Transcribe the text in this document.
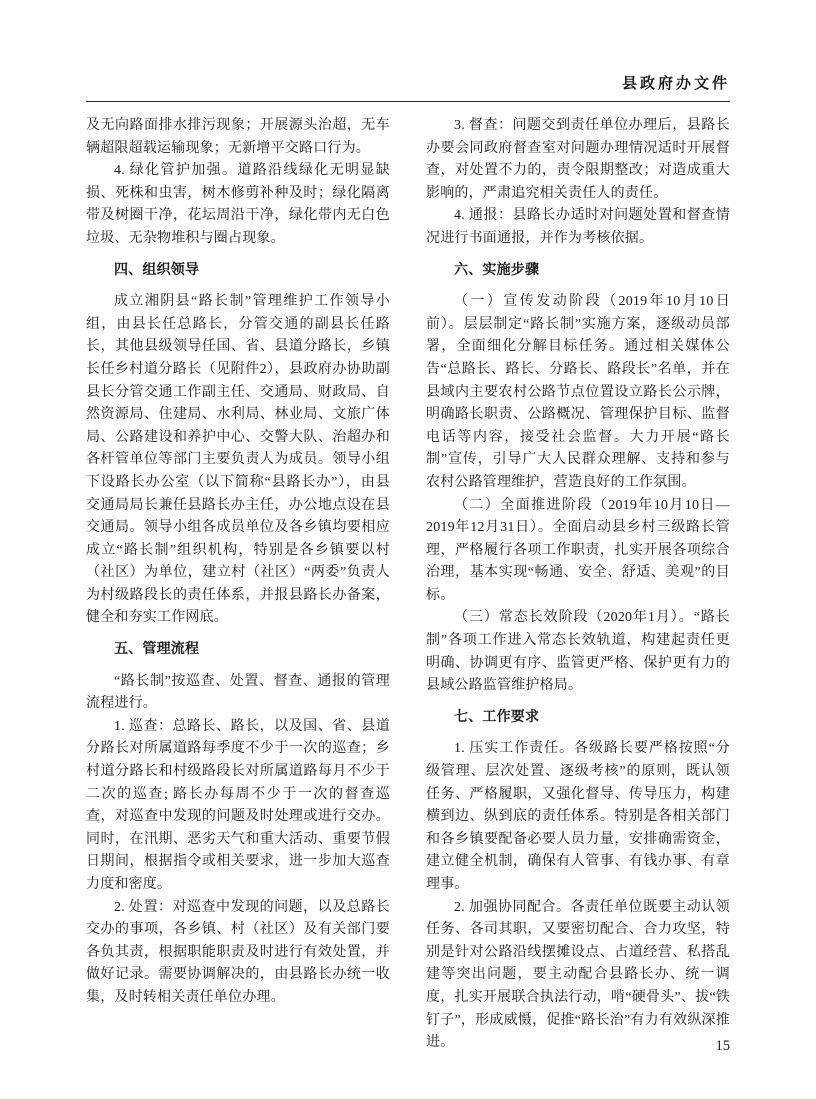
县政府办文件

及无向路面排水排污现象；开展源头治超，无车辆超限超载运输现象；无新增平交路口行为。

4. 绿化管护加强。道路沿线绿化无明显缺损、死株和虫害，树木修剪补种及时；绿化隔离带及树圈干净，花坛周沿干净，绿化带内无白色垃圾、无杂物堆积与圈占现象。

四、组织领导

成立湘阴县“路长制”管理维护工作领导小组，由县长任总路长，分管交通的副县长任路长，其他县级领导任国、省、县道分路长，乡镇长任乡村道分路长（见附件2），县政府办协助副县长分管交通工作副主任、交通局、财政局、自然资源局、住建局、水利局、林业局、文旅广体局、公路建设和养护中心、交警大队、治超办和各杆管单位等部门主要负责人为成员。领导小组下设路长办公室（以下简称“县路长办”），由县交通局局长兼任县路长办主任，办公地点设在县交通局。领导小组各成员单位及各乡镇均要相应成立“路长制”组织机构，特别是各乡镇要以村（社区）为单位，建立村（社区）“两委”负责人为村级路段长的责任体系，并报县路长办备案，健全和夯实工作网底。

五、管理流程

“路长制”按巡查、处置、督查、通报的管理流程进行。

1. 巡查：总路长、路长，以及国、省、县道分路长对所属道路每季度不少于一次的巡查；乡村道分路长和村级路段长对所属道路每月不少于二次的巡查; 路长办每周不少于一次的督查巡查，对巡查中发现的问题及时处理或进行交办。同时，在汛期、恶劣天气和重大活动、重要节假日期间，根据指令或相关要求，进一步加大巡查力度和密度。

2. 处置：对巡查中发现的问题，以及总路长交办的事项，各乡镇、村（社区）及有关部门要各负其责，根据职能职责及时进行有效处置，并做好记录。需要协调解决的，由县路长办统一收集，及时转相关责任单位办理。

3. 督查：问题交到责任单位办理后，县路长办要会同政府督查室对问题办理情况适时开展督查，对处置不力的，责令限期整改；对造成重大影响的，严肃追究相关责任人的责任。

4. 通报：县路长办适时对问题处置和督查情况进行书面通报，并作为考核依据。

六、实施步骤

（一）宣传发动阶段（2019年10月10日前）。层层制定“路长制”实施方案，逐级动员部署，全面细化分解目标任务。通过相关媒体公告“总路长、路长、分路长、路段长”名单，并在县域内主要农村公路节点位置设立路长公示牌，明确路长职责、公路概况、管理保护目标、监督电话等内容，接受社会监督。大力开展“路长制”宣传，引导广大人民群众理解、支持和参与农村公路管理维护，营造良好的工作氛围。

（二）全面推进阶段（2019年10月10日—2019年12月31日）。全面启动县乡村三级路长管理，严格履行各项工作职责，扎实开展各项综合治理，基本实现“畅通、安全、舒适、美观”的目标。

（三）常态长效阶段（2020年1月）。“路长制”各项工作进入常态长效轨道，构建起责任更明确、协调更有序、监管更严格、保护更有力的县域公路监管维护格局。

七、工作要求

1. 压实工作责任。各级路长要严格按照“分级管理、层次处置、逐级考核”的原则，既认领任务、严格履职，又强化督导、传导压力，构建横到边、纵到底的责任体系。特别是各相关部门和各乡镇要配备必要人员力量，安排确需资金，建立健全机制，确保有人管事、有钱办事、有章理事。

2. 加强协同配合。各责任单位既要主动认领任务、各司其职，又要密切配合、合力攻坚，特别是针对公路沿线摆摊设点、占道经营、私搭乱建等突出问题，要主动配合县路长办、统一调度，扎实开展联合执法行动，啃“硬骨头”、拔“铁钉子”，形成威慑，促推“路长治”有力有效纵深推进。	15
